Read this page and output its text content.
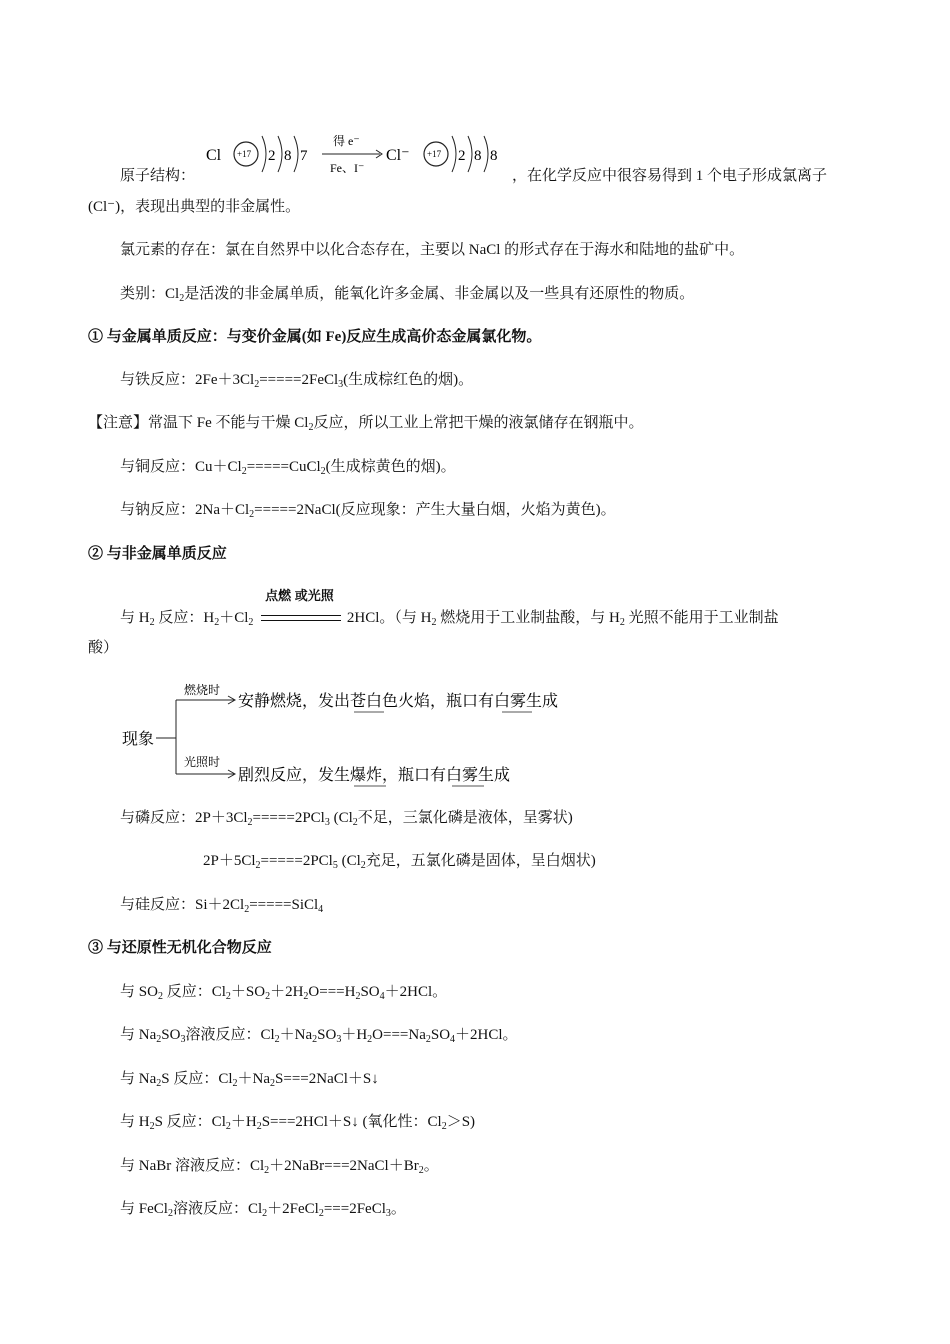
原子结构：
Cl +17 2 8 7
得 e⁻
Fe、I⁻
Cl⁻ +17 2 8 8
，在化学反应中很容易得到 1 个电子形成氯离子
(Cl⁻)，表现出典型的非金属性。
氯元素的存在：氯在自然界中以化合态存在，主要以 NaCl 的形式存在于海水和陆地的盐矿中。
类别：$Cl_2$是活泼的非金属单质，能氧化许多金属、非金属以及一些具有还原性的物质。
① 与金属单质反应：与变价金属(如 Fe)反应生成高价态金属氯化物。
与铁反应：$2Fe+3Cl_2=====2FeCl_3$(生成棕红色的烟)。
【注意】常温下 Fe 不能与干燥 $Cl_2$反应，所以工业上常把干燥的液氯储存在钢瓶中。
与铜反应：$Cu+Cl_2=====CuCl_2$(生成棕黄色的烟)。
与钠反应：$2Na+Cl_2=====2NaCl$(反应现象：产生大量白烟，火焰为黄色)。
② 与非金属单质反应
与 $H_2$ 反应：$H_2+Cl_2$
点燃 或光照
2HCl。（与 $H_2$ 燃烧用于工业制盐酸，与 $H_2$ 光照不能用于工业制盐
酸）
现象
燃烧时
安静燃烧，发出苍白色火焰，瓶口有白雾生成
光照时
剧烈反应，发生爆炸，瓶口有白雾生成
与磷反应：$2P+3Cl_2=====2PCl_3$ ($Cl_2$不足，三氯化磷是液体，呈雾状)
$2P+5Cl_2=====2PCl_5$ ($Cl_2$充足，五氯化磷是固体，呈白烟状)
与硅反应：$Si+2Cl_2=====SiCl_4$
③ 与还原性无机化合物反应
与 $SO_2$ 反应：$Cl_2+SO_2+2H_2O===H_2SO_4+2HCl$。
与 $Na_2SO_3$溶液反应：$Cl_2+Na_2SO_3+H_2O===Na_2SO_4+2HCl$。
与 $Na_2S$ 反应：$Cl_2+Na_2S===2NaCl+S↓$
与 $H_2S$ 反应：$Cl_2+H_2S===2HCl+S↓$ (氧化性：$Cl_2>S$)
与 NaBr 溶液反应：$Cl_2+2NaBr===2NaCl+Br_2$。
与 FeCl$_2$溶液反应：$Cl_2+2FeCl_2===2FeCl_3$。
